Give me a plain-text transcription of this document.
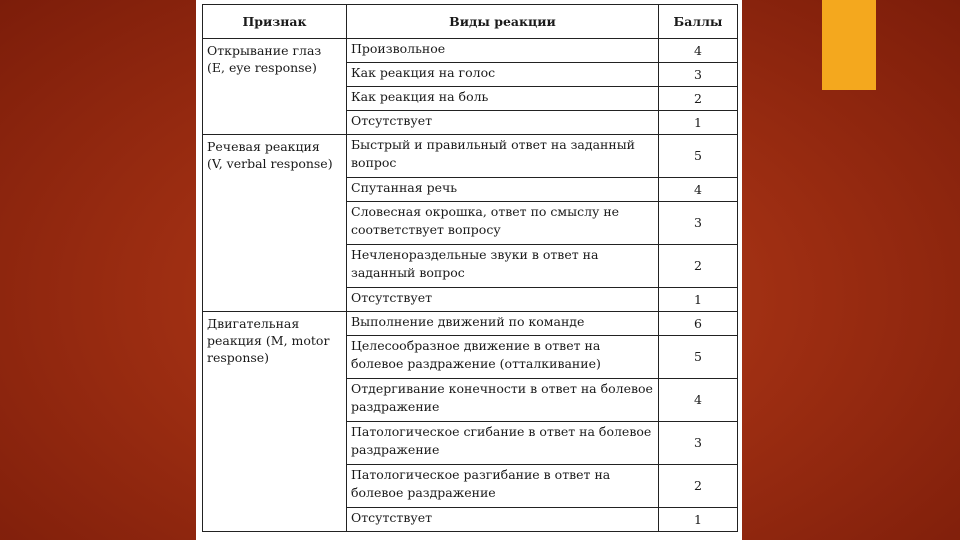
Признак	Виды реакции	Баллы

Открывание глаз
(E, eye response)	Произвольное	4
	Как реакция на голос	3
	Как реакция на боль	2
	Отсутствует	1

Речевая реакция
(V, verbal response)	Быстрый и правильный ответ на заданный вопрос	5
	Спутанная речь	4
	Словесная окрошка, ответ по смыслу не соответствует вопросу	3
	Нечленораздельные звуки в ответ на заданный вопрос	2
	Отсутствует	1

Двигательная
реакция (M, motor
response)	Выполнение движений по команде	6
	Целесообразное движение в ответ на болевое раздражение (отталкивание)	5
	Отдергивание конечности в ответ на болевое раздражение	4
	Патологическое сгибание в ответ на болевое раздражение	3
	Патологическое разгибание в ответ на болевое раздражение	2
	Отсутствует	1
